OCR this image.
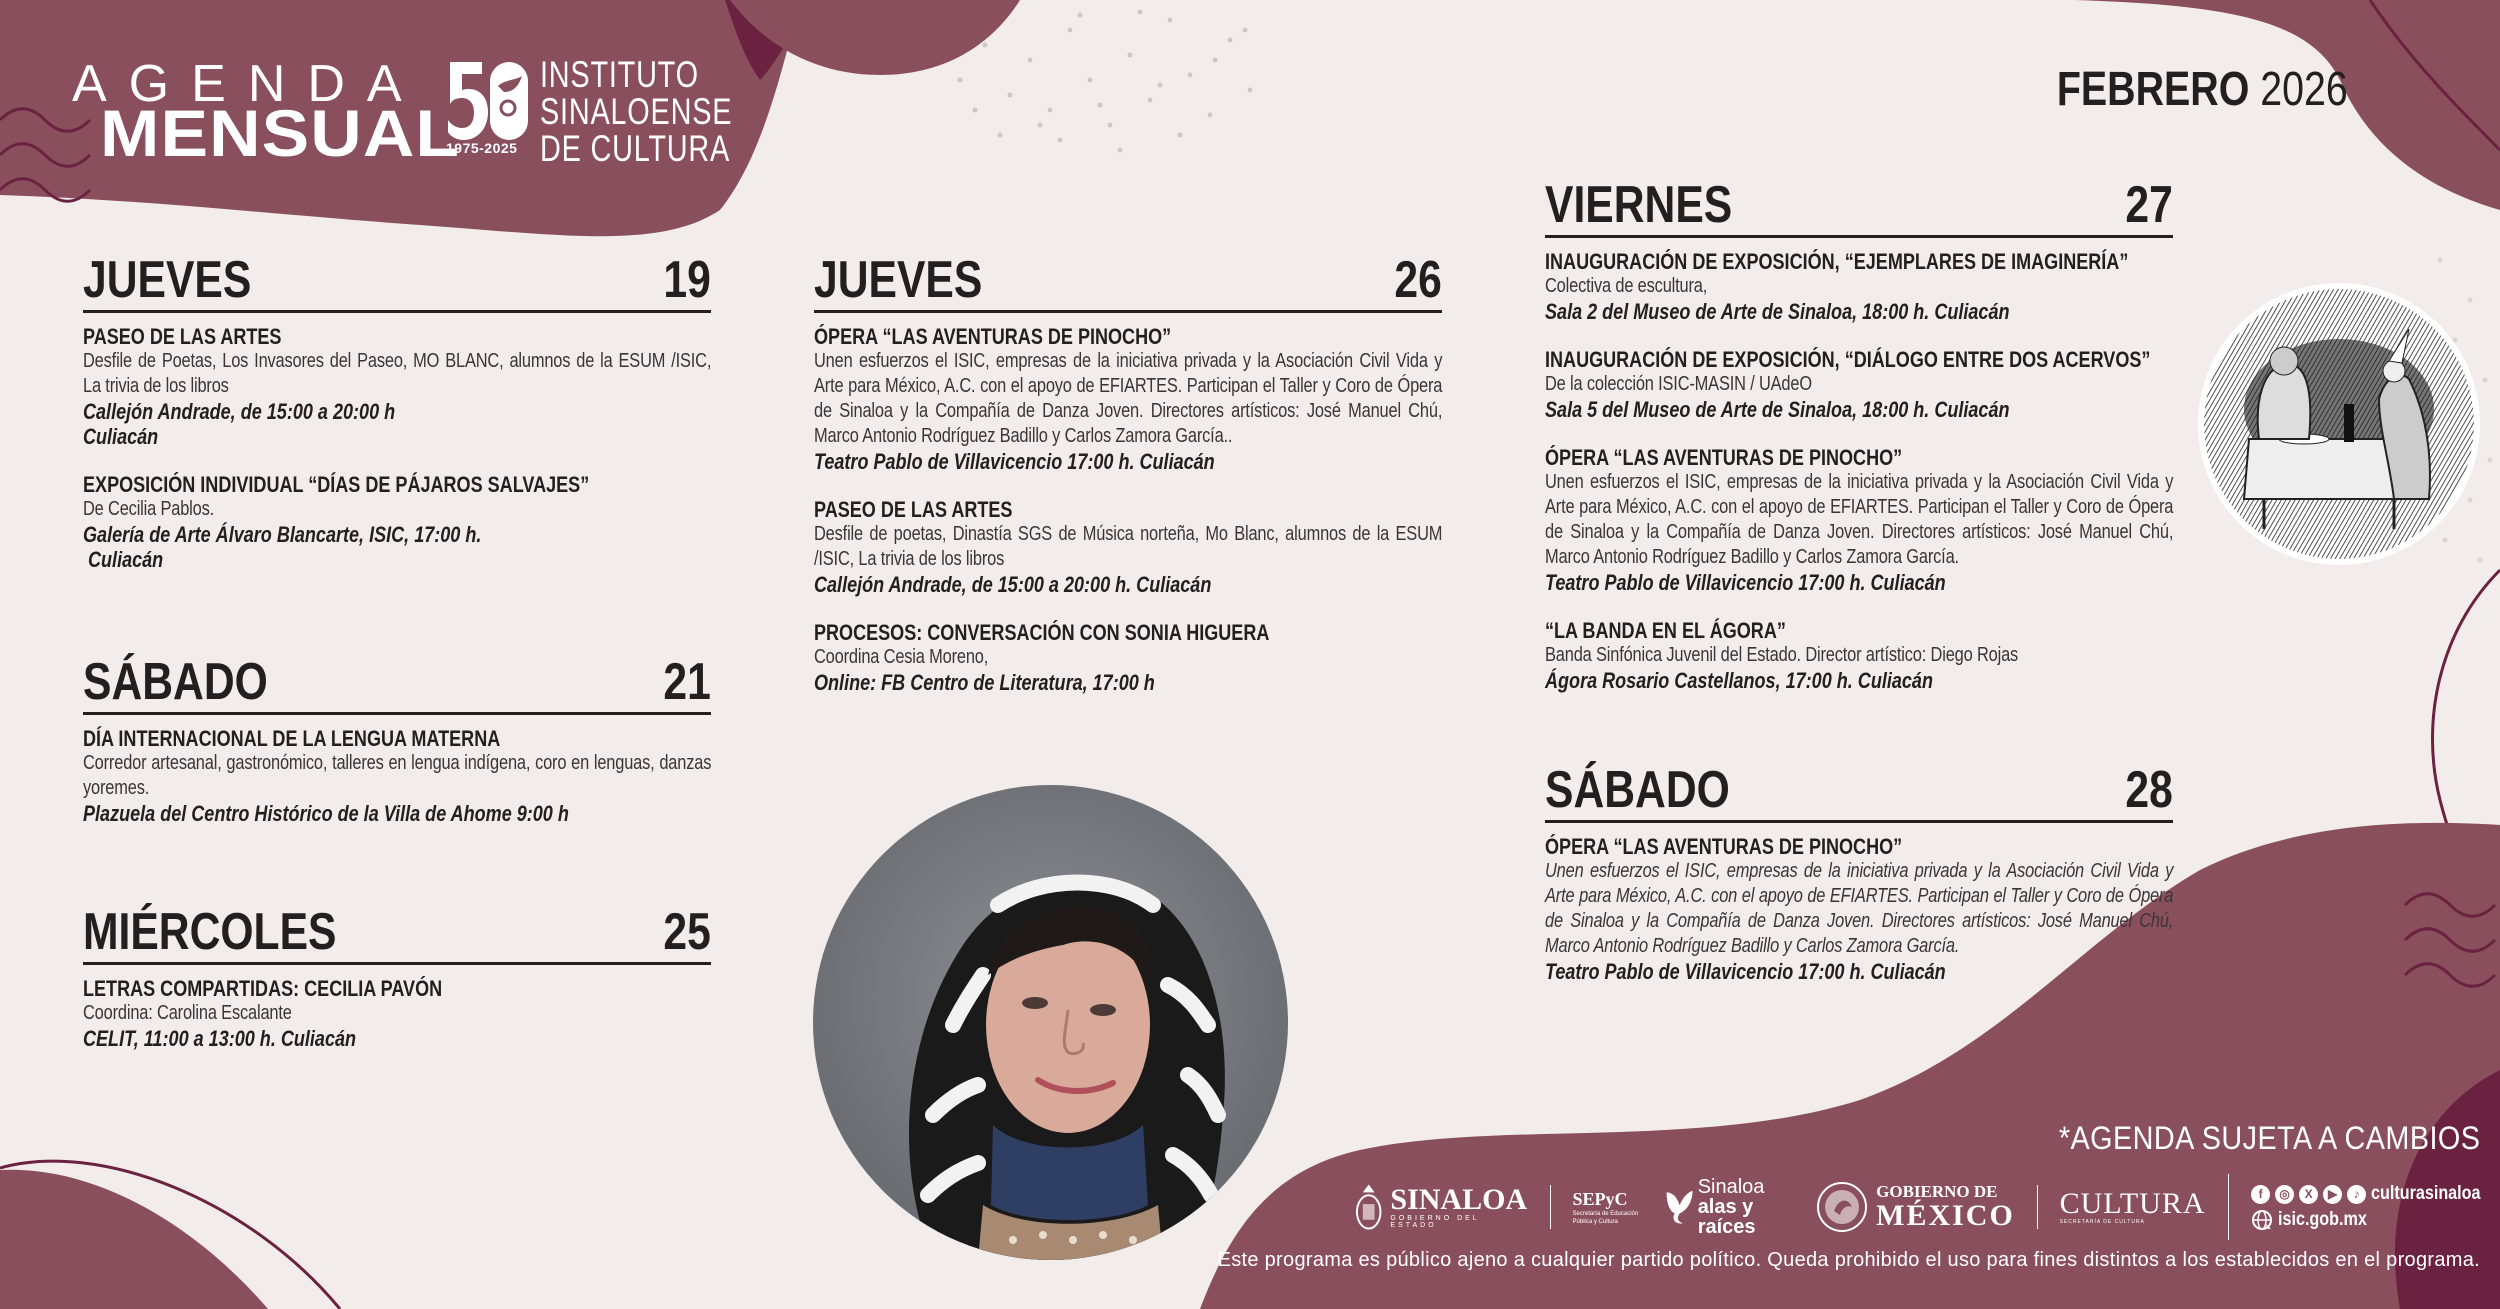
AGENDA
MENSUAL
1975-2025
INSTITUTO
SINALOENSE
DE CULTURA
FEBRERO 2026
JUEVES	19
PASEO DE LAS ARTES
Desfile de Poetas, Los Invasores del Paseo, MO BLANC, alumnos de la ESUM /ISIC, La trivia de los libros
Callejón Andrade, de 15:00 a 20:00 h
Culiacán
EXPOSICIÓN INDIVIDUAL “DÍAS DE PÁJAROS SALVAJES”
De Cecilia Pablos.
Galería de Arte Álvaro Blancarte, ISIC, 17:00 h.
Culiacán
SÁBADO	21
DÍA INTERNACIONAL DE LA LENGUA MATERNA
Corredor artesanal, gastronómico, talleres en lengua indígena, coro en lenguas, danzas yoremes.
Plazuela del Centro Histórico de la Villa de Ahome 9:00 h
MIÉRCOLES	25
LETRAS COMPARTIDAS: CECILIA PAVÓN
Coordina: Carolina Escalante
CELIT, 11:00 a 13:00 h. Culiacán
JUEVES	26
ÓPERA “LAS AVENTURAS DE PINOCHO”
Unen esfuerzos el ISIC, empresas de la iniciativa privada y la Asociación Civil Vida y Arte para México, A.C. con el apoyo de EFIARTES. Participan el Taller y Coro de Ópera de Sinaloa y la Compañía de Danza Joven. Directores artísticos: José Manuel Chú, Marco Antonio Rodríguez Badillo y Carlos Zamora García..
Teatro Pablo de Villavicencio 17:00 h. Culiacán
PASEO DE LAS ARTES
Desfile de poetas, Dinastía SGS de Música norteña, Mo Blanc, alumnos de la ESUM /ISIC, La trivia de los libros
Callejón Andrade, de 15:00 a 20:00 h. Culiacán
PROCESOS: CONVERSACIÓN CON SONIA HIGUERA
Coordina Cesia Moreno,
Online: FB Centro de Literatura, 17:00 h
VIERNES	27
INAUGURACIÓN DE EXPOSICIÓN, “EJEMPLARES DE IMAGINERÍA”
Colectiva de escultura,
Sala 2 del Museo de Arte de Sinaloa, 18:00 h. Culiacán
INAUGURACIÓN DE EXPOSICIÓN, “DIÁLOGO ENTRE DOS ACERVOS”
De la colección ISIC-MASIN / UAdeO
Sala 5 del Museo de Arte de Sinaloa, 18:00 h. Culiacán
ÓPERA “LAS AVENTURAS DE PINOCHO”
Unen esfuerzos el ISIC, empresas de la iniciativa privada y la Asociación Civil Vida y Arte para México, A.C. con el apoyo de EFIARTES. Participan el Taller y Coro de Ópera de Sinaloa y la Compañía de Danza Joven. Directores artísticos: José Manuel Chú, Marco Antonio Rodríguez Badillo y Carlos Zamora García.
Teatro Pablo de Villavicencio 17:00 h. Culiacán
“LA BANDA EN EL ÁGORA”
Banda Sinfónica Juvenil del Estado. Director artístico: Diego Rojas
Ágora Rosario Castellanos, 17:00 h. Culiacán
SÁBADO	28
ÓPERA “LAS AVENTURAS DE PINOCHO”
Unen esfuerzos el ISIC, empresas de la iniciativa privada y la Asociación Civil Vida y Arte para México, A.C. con el apoyo de EFIARTES. Participan el Taller y Coro de Ópera de Sinaloa y la Compañía de Danza Joven. Directores artísticos: José Manuel Chú, Marco Antonio Rodríguez Badillo y Carlos Zamora García.
Teatro Pablo de Villavicencio 17:00 h. Culiacán
*AGENDA SUJETA A CAMBIOS
SINALOA
GOBIERNO DEL ESTADO
SEPyC
Secretaría de Educación Pública y Cultura
Sinaloa
alas y raíces
GOBIERNO DE
MÉXICO CULTURA
SECRETARÍA DE CULTURA
f	◎	X	▶	♪ culturasinaloa
isic.gob.mx
Este programa es público ajeno a cualquier partido político. Queda prohibido el uso para fines distintos a los establecidos en el programa.
